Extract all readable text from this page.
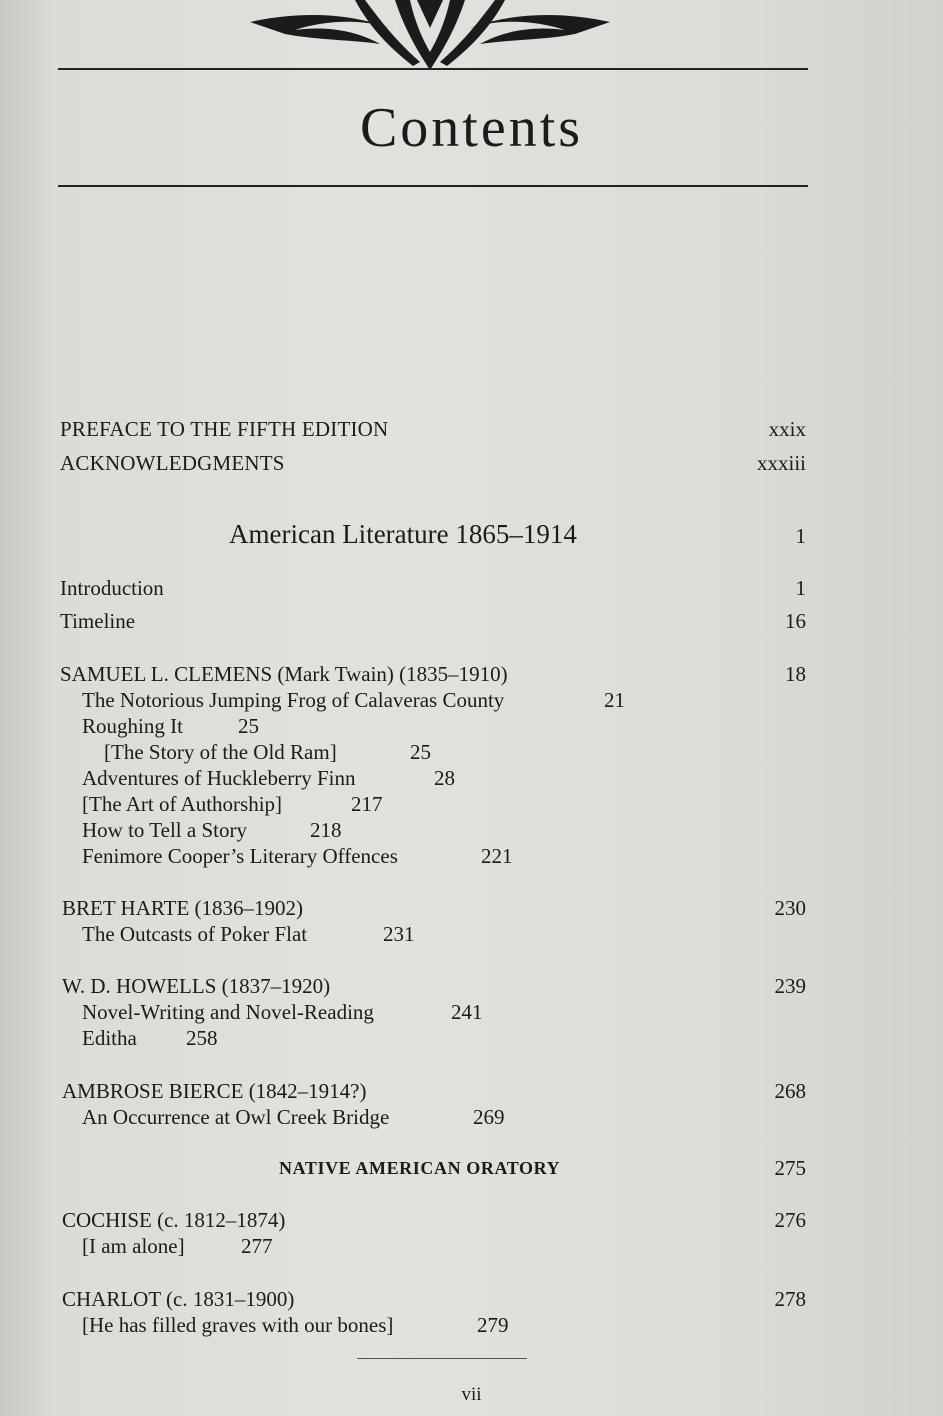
Contents
PREFACE TO THE FIFTH EDITION	xxix
ACKNOWLEDGMENTS	xxxiii
American Literature 1865–1914	1
Introduction	1
Timeline	16
SAMUEL L. CLEMENS (Mark Twain) (1835–1910)	18
The Notorious Jumping Frog of Calaveras County	21
Roughing It	25
[The Story of the Old Ram]	25
Adventures of Huckleberry Finn	28
[The Art of Authorship]	217
How to Tell a Story	218
Fenimore Cooper’s Literary Offences	221
BRET HARTE (1836–1902)	230
The Outcasts of Poker Flat	231
W. D. HOWELLS (1837–1920)	239
Novel-Writing and Novel-Reading	241
Editha 258
AMBROSE BIERCE (1842–1914?)	268
An Occurrence at Owl Creek Bridge	269
NATIVE AMERICAN ORATORY	275
COCHISE (c. 1812–1874)	276
[I am alone]	277
CHARLOT (c. 1831–1900)	278
[He has filled graves with our bones]	279
vii
